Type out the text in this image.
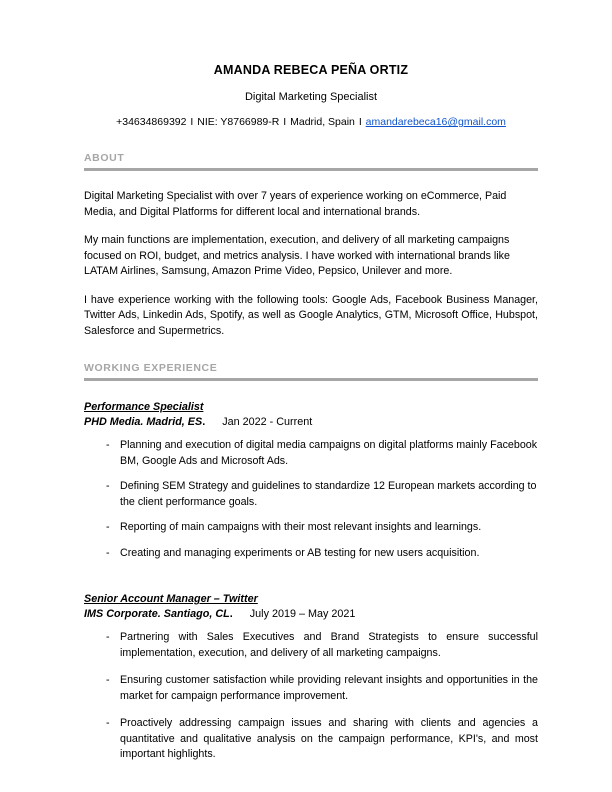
AMANDA REBECA PEÑA ORTIZ
Digital Marketing Specialist
+34634869392 I NIE: Y8766989-R I Madrid, Spain I amandarebeca16@gmail.com
ABOUT

Digital Marketing Specialist with over 7 years of experience working on eCommerce, Paid Media, and Digital Platforms for different local and international brands.

My main functions are implementation, execution, and delivery of all marketing campaigns focused on ROI, budget, and metrics analysis. I have worked with international brands like LATAM Airlines, Samsung, Amazon Prime Video, Pepsico, Unilever and more.

I have experience working with the following tools: Google Ads, Facebook Business Manager, Twitter Ads, Linkedin Ads, Spotify, as well as Google Analytics, GTM, Microsoft Office, Hubspot, Salesforce and Supermetrics.

WORKING EXPERIENCE
Performance Specialist
PHD Media. Madrid, ES. Jan 2022 - Current
- Planning and execution of digital media campaigns on digital platforms mainly Facebook BM, Google Ads and Microsoft Ads.
- Defining SEM Strategy and guidelines to standardize 12 European markets according to the client performance goals.
- Reporting of main campaigns with their most relevant insights and learnings.
- Creating and managing experiments or AB testing for new users acquisition.
Senior Account Manager – Twitter
IMS Corporate. Santiago, CL. July 2019 – May 2021
- Partnering with Sales Executives and Brand Strategists to ensure successful implementation, execution, and delivery of all marketing campaigns.
- Ensuring customer satisfaction while providing relevant insights and opportunities in the market for campaign performance improvement.
- Proactively addressing campaign issues and sharing with clients and agencies a quantitative and qualitative analysis on the campaign performance, KPI's, and most important highlights.
